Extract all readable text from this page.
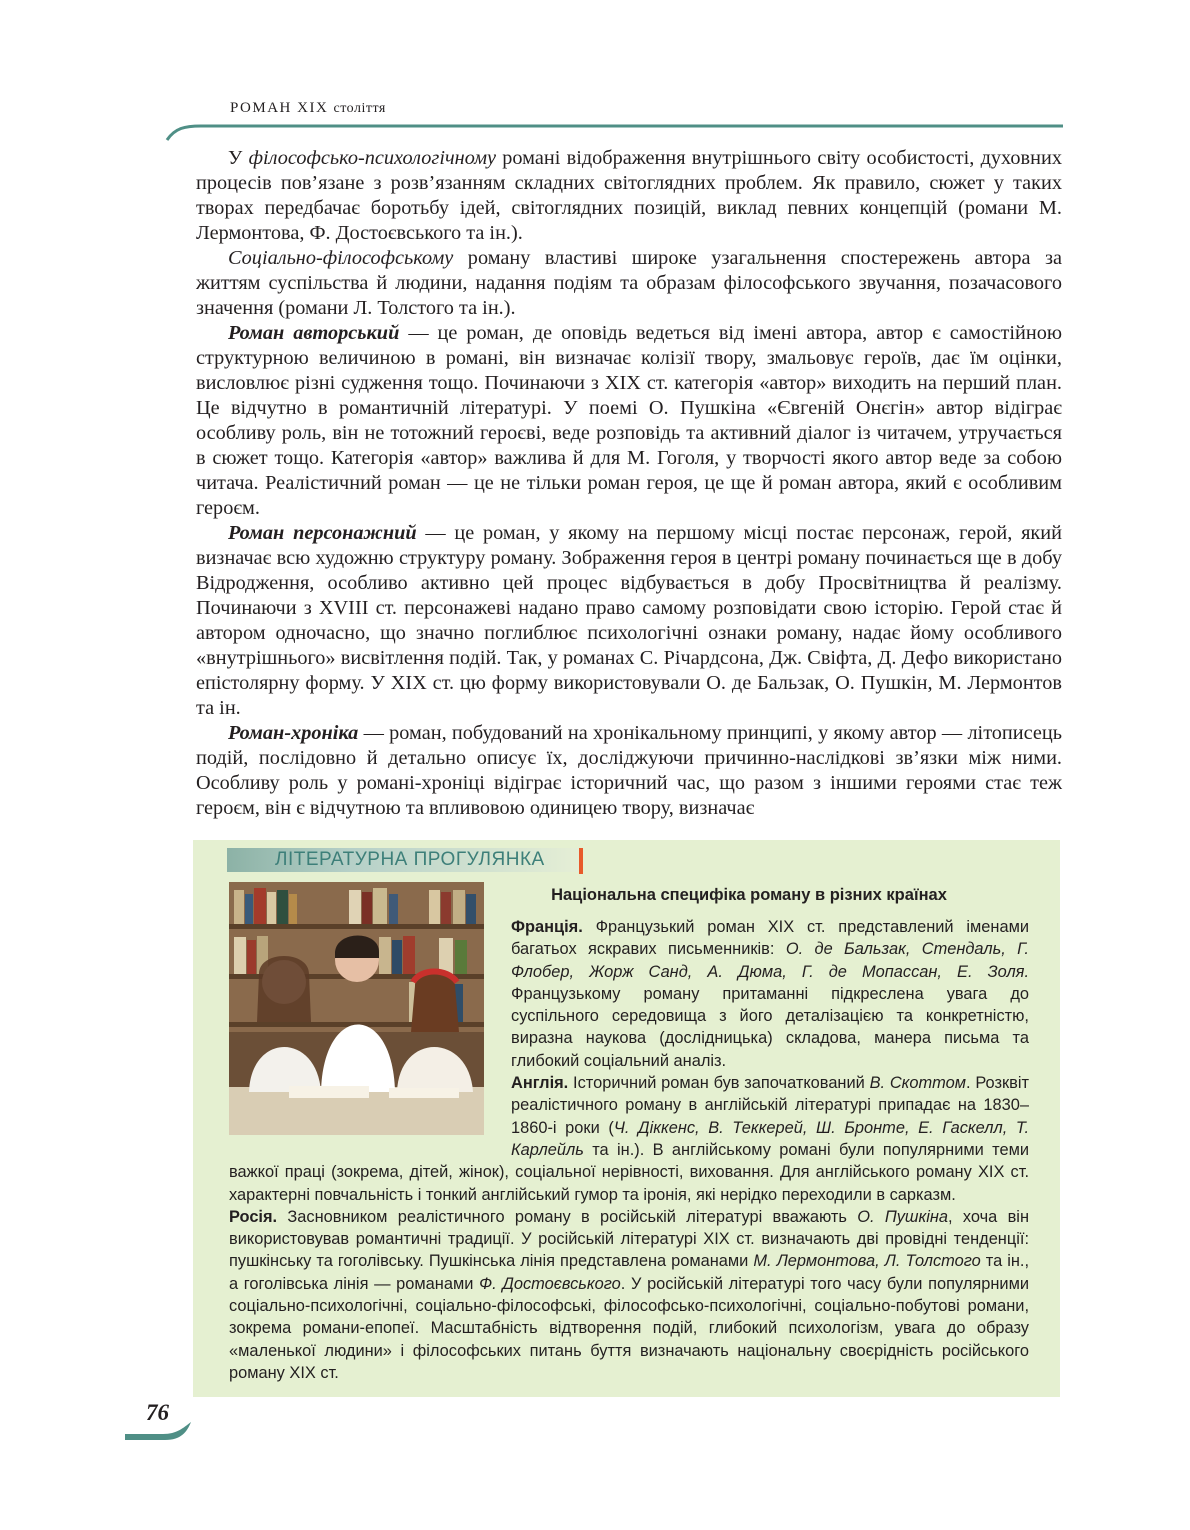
РОМАН XIX століття

У філософсько-психологічному романі відображення внутрішнього світу особистості, духовних процесів пов’язане з розв’язанням складних світоглядних проблем. Як правило, сюжет у таких творах передбачає боротьбу ідей, світоглядних позицій, виклад певних концепцій (романи М. Лермонтова, Ф. Достоєвського та ін.).

Соціально-філософському роману властиві широке узагальнення спостережень автора за життям суспільства й людини, надання подіям та образам філософського звучання, позачасового значення (романи Л. Толстого та ін.).

Роман авторський — це роман, де оповідь ведеться від імені автора, автор є самостійною структурною величиною в романі, він визначає колізії твору, змальовує героїв, дає їм оцінки, висловлює різні судження тощо. Починаючи з XIX ст. категорія «автор» виходить на перший план. Це відчутно в романтичній літературі. У поемі О. Пушкіна «Євгеній Онєгін» автор відіграє особливу роль, він не тотожний героєві, веде розповідь та активний діалог із читачем, утручається в сюжет тощо. Категорія «автор» важлива й для М. Гоголя, у творчості якого автор веде за собою читача. Реалістичний роман — це не тільки роман героя, це ще й роман автора, який є особливим героєм.

Роман персонажний — це роман, у якому на першому місці постає персонаж, герой, який визначає всю художню структуру роману. Зображення героя в центрі роману починається ще в добу Відродження, особливо активно цей процес відбувається в добу Просвітництва й реалізму. Починаючи з XVIII ст. персонажеві надано право самому розповідати свою історію. Герой стає й автором одночасно, що значно поглиблює психологічні ознаки роману, надає йому особливого «внутрішнього» висвітлення подій. Так, у романах С. Річардсона, Дж. Свіфта, Д. Дефо використано епістолярну форму. У XIX ст. цю форму використовували О. де Бальзак, О. Пушкін, М. Лермонтов та ін.

Роман-хроніка — роман, побудований на хронікальному принципі, у якому автор — літописець подій, послідовно й детально описує їх, досліджуючи причинно-наслідкові зв’язки між ними. Особливу роль у романі-хроніці відіграє історичний час, що разом з іншими героями стає теж героєм, він є відчутною та впливовою одиницею твору, визначає

ЛІТЕРАТУРНА ПРОГУЛЯНКА
Національна специфіка роману в різних країнах

Франція. Французький роман XIX ст. представлений іменами багатьох яскравих письменників: О. де Бальзак, Стендаль, Г. Флобер, Жорж Санд, А. Дюма, Г. де Мопассан, Е. Золя. Французькому роману притаманні підкреслена увага до суспільного середовища з його деталізацією та конкретністю, виразна наукова (дослідницька) складова, манера письма та глибокий соціальний аналіз.

Англія. Історичний роман був започаткований В. Скоттом. Розквіт реалістичного роману в англійській літературі припадає на 1830–1860-і роки (Ч. Діккенс, В. Теккерей, Ш. Бронте, Е. Гаскелл, Т. Карлейль та ін.). В англійському романі були популярними теми важкої праці (зокрема, дітей, жінок), соціальної нерівності, виховання. Для англійського роману XIX ст. характерні повчальність і тонкий англійський гумор та іронія, які нерідко переходили в сарказм.

Росія. Засновником реалістичного роману в російській літературі вважають О. Пушкіна, хоча він використовував романтичні традиції. У російській літературі XIX ст. визначають дві провідні тенденції: пушкінську та гоголівську. Пушкінська лінія представлена романами М. Лермонтова, Л. Толстого та ін., а гоголівська лінія — романами Ф. Достоєвського. У російській літературі того часу були популярними соціально-психологічні, соціально-філософські, філософсько-психологічні, соціально-побутові романи, зокрема романи-епопеї. Масштабність відтворення подій, глибокий психологізм, увага до образу «маленької людини» і філософських питань буття визначають національну своєрідність російського роману XIX ст.

76
